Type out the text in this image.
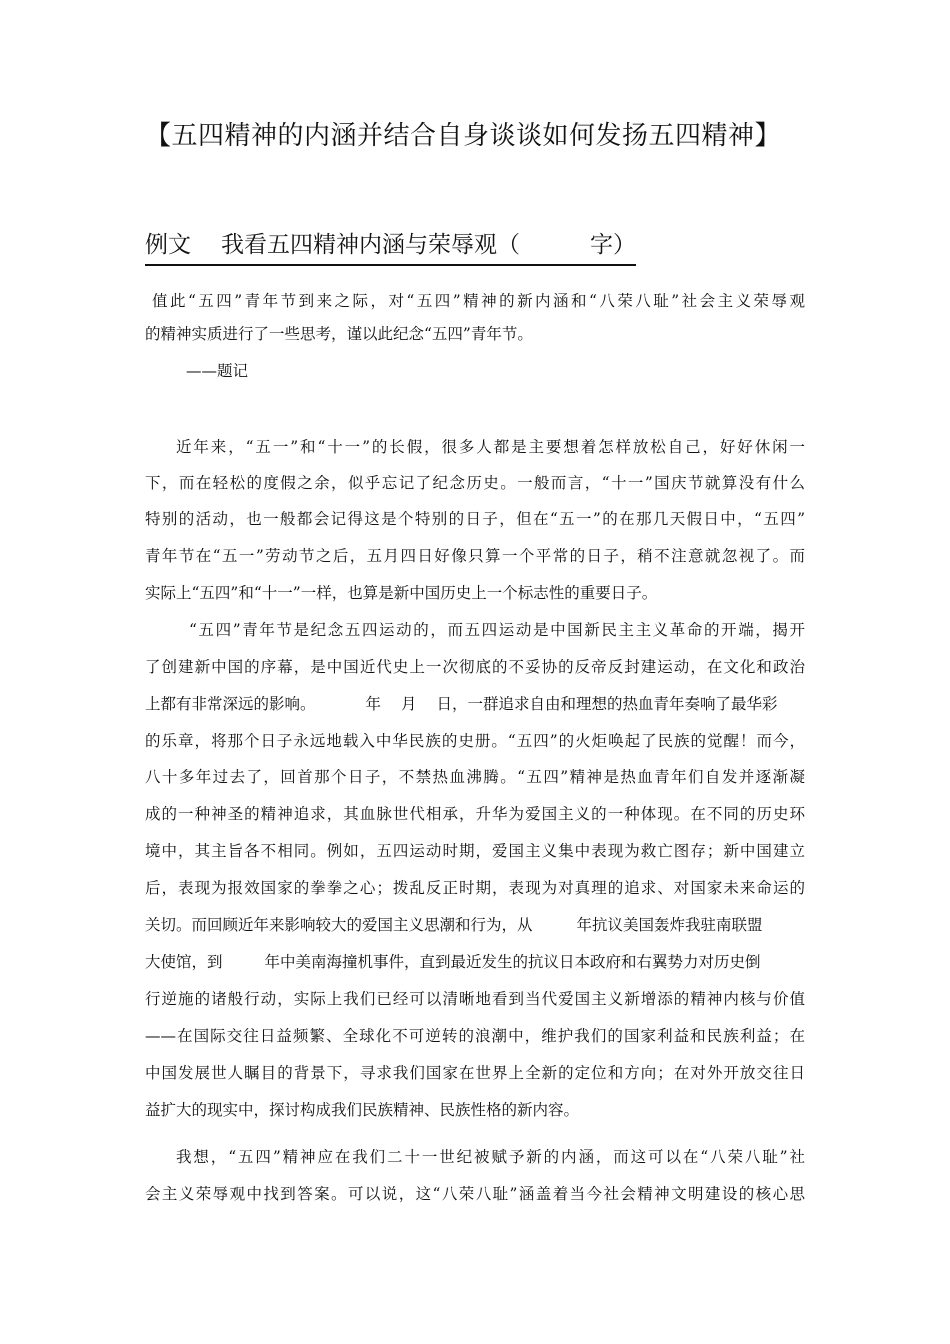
【五四精神的内涵并结合自身谈谈如何发扬五四精神】
例文 我看五四精神内涵与荣辱观（	字）
值此“五四”青年节到来之际，对“五四”精神的新内涵和“八荣八耻”社会主义荣辱观
的精神实质进行了一些思考，谨以此纪念“五四”青年节。
——题记
近年来，“五一”和“十一”的长假，很多人都是主要想着怎样放松自己，好好休闲一
下，而在轻松的度假之余，似乎忘记了纪念历史。一般而言，“十一”国庆节就算没有什么
特别的活动，也一般都会记得这是个特别的日子，但在“五一”的在那几天假日中，“五四”
青年节在“五一”劳动节之后，五月四日好像只算一个平常的日子，稍不注意就忽视了。而
实际上“五四”和“十一”一样，也算是新中国历史上一个标志性的重要日子。
“五四”青年节是纪念五四运动的，而五四运动是中国新民主主义革命的开端，揭开
了创建新中国的序幕，是中国近代史上一次彻底的不妥协的反帝反封建运动，在文化和政治
上都有非常深远的影响。	年 月 日，一群追求自由和理想的热血青年奏响了最华彩
的乐章，将那个日子永远地载入中华民族的史册。“五四”的火炬唤起了民族的觉醒！而今，
八十多年过去了，回首那个日子，不禁热血沸腾。“五四”精神是热血青年们自发并逐渐凝
成的一种神圣的精神追求，其血脉世代相承，升华为爱国主义的一种体现。在不同的历史环
境中，其主旨各不相同。例如，五四运动时期，爱国主义集中表现为救亡图存；新中国建立
后，表现为报效国家的拳拳之心；拨乱反正时期，表现为对真理的追求、对国家未来命运的
关切。而回顾近年来影响较大的爱国主义思潮和行为，从	年抗议美国轰炸我驻南联盟
大使馆，到	年中美南海撞机事件，直到最近发生的抗议日本政府和右翼势力对历史倒
行逆施的诸般行动，实际上我们已经可以清晰地看到当代爱国主义新增添的精神内核与价值
——在国际交往日益频繁、全球化不可逆转的浪潮中，维护我们的国家利益和民族利益；在
中国发展世人瞩目的背景下，寻求我们国家在世界上全新的定位和方向；在对外开放交往日
益扩大的现实中，探讨构成我们民族精神、民族性格的新内容。
我想，“五四”精神应在我们二十一世纪被赋予新的内涵，而这可以在“八荣八耻”社
会主义荣辱观中找到答案。可以说，这“八荣八耻”涵盖着当今社会精神文明建设的核心思
